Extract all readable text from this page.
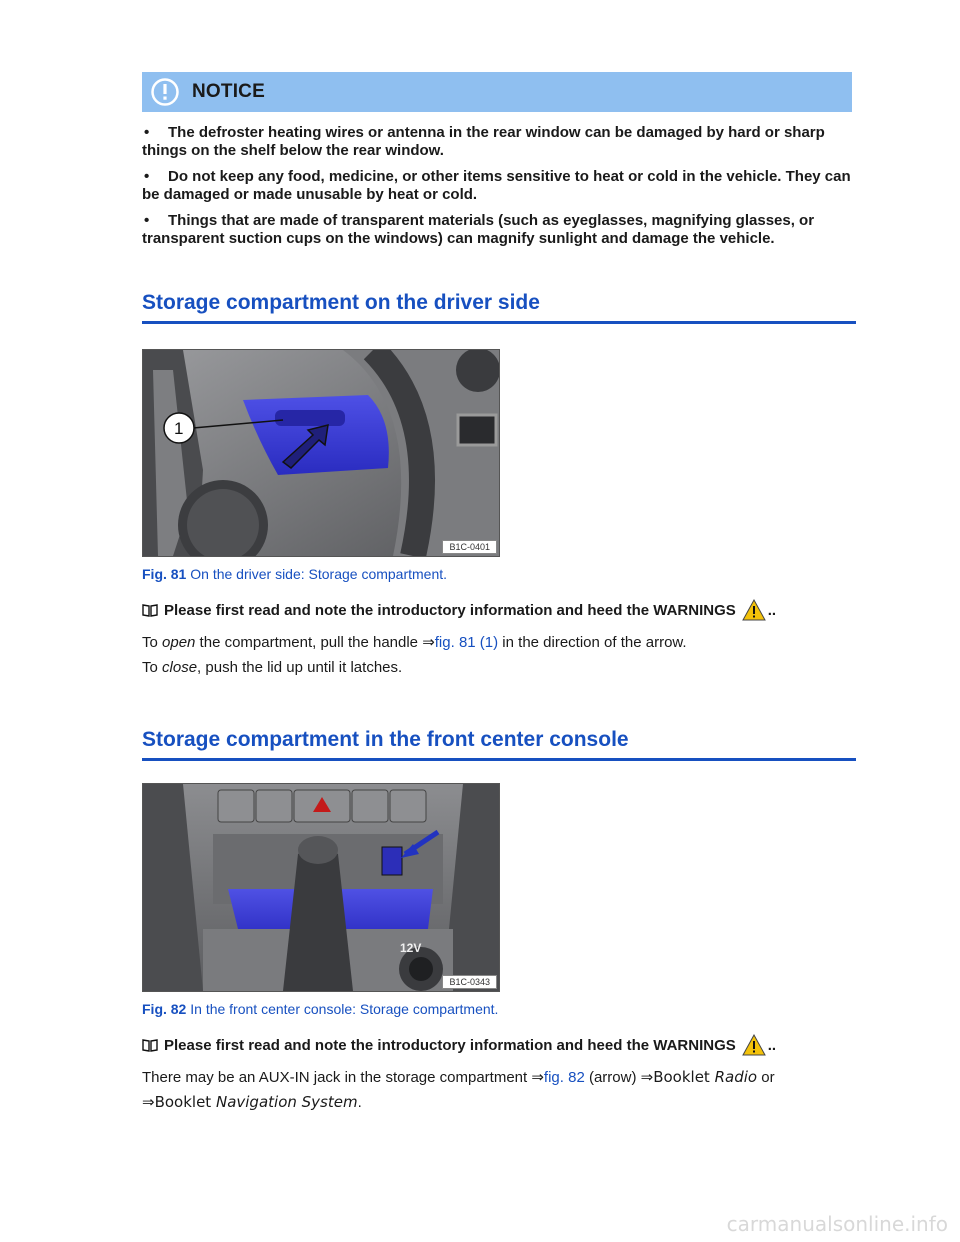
NOTICE
• The defroster heating wires or antenna in the rear window can be damaged by hard or sharp things on the shelf below the rear window.
• Do not keep any food, medicine, or other items sensitive to heat or cold in the vehicle. They can be damaged or made unusable by heat or cold.
• Things that are made of transparent materials (such as eyeglasses, magnifying glasses, or transparent suction cups on the windows) can magnify sunlight and damage the vehicle.
Storage compartment on the driver side
1
B1C-0401
Fig. 81 On the driver side: Storage compartment.
Please first read and note the introductory information and heed the WARNINGS ..
To open the compartment, pull the handle ⇒fig. 81 (1) in the direction of the arrow.
To close, push the lid up until it latches.
Storage compartment in the front center console
12V
B1C-0343
Fig. 82 In the front center console: Storage compartment.
Please first read and note the introductory information and heed the WARNINGS ..
There may be an AUX-IN jack in the storage compartment ⇒fig. 82 (arrow) ⇒Booklet Radio or
⇒Booklet Navigation System.
carmanualsonline.info
